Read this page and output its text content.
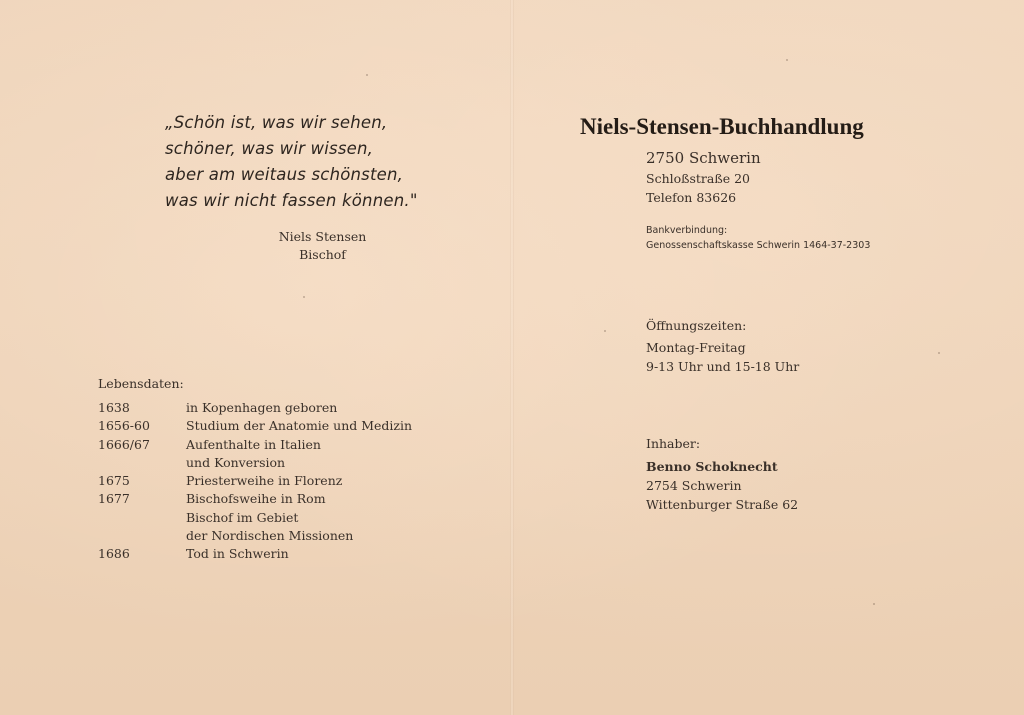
„Schön ist, was wir sehen,
schöner, was wir wissen,
aber am weitaus schönsten,
was wir nicht fassen können."
Niels Stensen
Bischof
Lebensdaten:
1638	in Kopenhagen geboren
1656-60	Studium der Anatomie und Medizin
1666/67	Aufenthalte in Italien
und Konversion
1675	Priesterweihe in Florenz
1677	Bischofsweihe in Rom
Bischof im Gebiet
der Nordischen Missionen
1686	Tod in Schwerin
Niels-Stensen-Buchhandlung
2750 Schwerin
Schloßstraße 20
Telefon 83626
Bankverbindung:
Genossenschaftskasse Schwerin 1464-37-2303
Öffnungszeiten:
Montag-Freitag
9-13 Uhr und 15-18 Uhr
Inhaber:
Benno Schoknecht
2754 Schwerin
Wittenburger Straße 62
